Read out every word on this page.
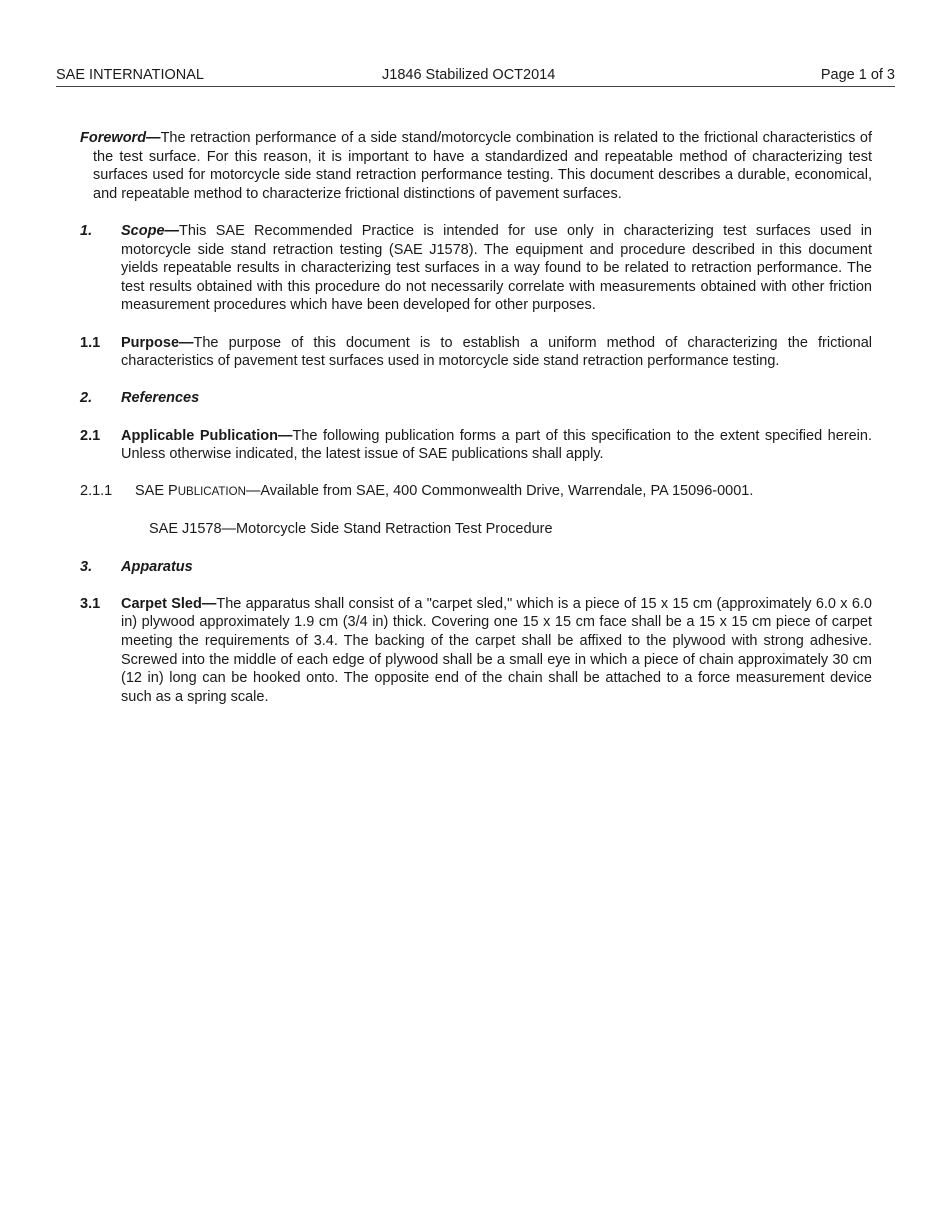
SAE INTERNATIONAL	J1846 Stabilized OCT2014	Page 1 of 3

Foreword—The retraction performance of a side stand/motorcycle combination is related to the frictional characteristics of the test surface. For this reason, it is important to have a standardized and repeatable method of characterizing test surfaces used for motorcycle side stand retraction performance testing. This document describes a durable, economical, and repeatable method to characterize frictional distinctions of pavement surfaces.

1. Scope—This SAE Recommended Practice is intended for use only in characterizing test surfaces used in motorcycle side stand retraction testing (SAE J1578). The equipment and procedure described in this document yields repeatable results in characterizing test surfaces in a way found to be related to retraction performance. The test results obtained with this procedure do not necessarily correlate with measurements obtained with other friction measurement procedures which have been developed for other purposes.
1.1 Purpose—The purpose of this document is to establish a uniform method of characterizing the frictional characteristics of pavement test surfaces used in motorcycle side stand retraction performance testing.
2. References
2.1 Applicable Publication—The following publication forms a part of this specification to the extent specified herein. Unless otherwise indicated, the latest issue of SAE publications shall apply.
2.1.1 SAE PUBLICATION—Available from SAE, 400 Commonwealth Drive, Warrendale, PA 15096-0001.
SAE J1578—Motorcycle Side Stand Retraction Test Procedure
3. Apparatus
3.1 Carpet Sled—The apparatus shall consist of a "carpet sled," which is a piece of 15 x 15 cm (approximately 6.0 x 6.0 in) plywood approximately 1.9 cm (3/4 in) thick. Covering one 15 x 15 cm face shall be a 15 x 15 cm piece of carpet meeting the requirements of 3.4. The backing of the carpet shall be affixed to the plywood with strong adhesive. Screwed into the middle of each edge of plywood shall be a small eye in which a piece of chain approximately 30 cm (12 in) long can be hooked onto. The opposite end of the chain shall be attached to a force measurement device such as a spring scale.
